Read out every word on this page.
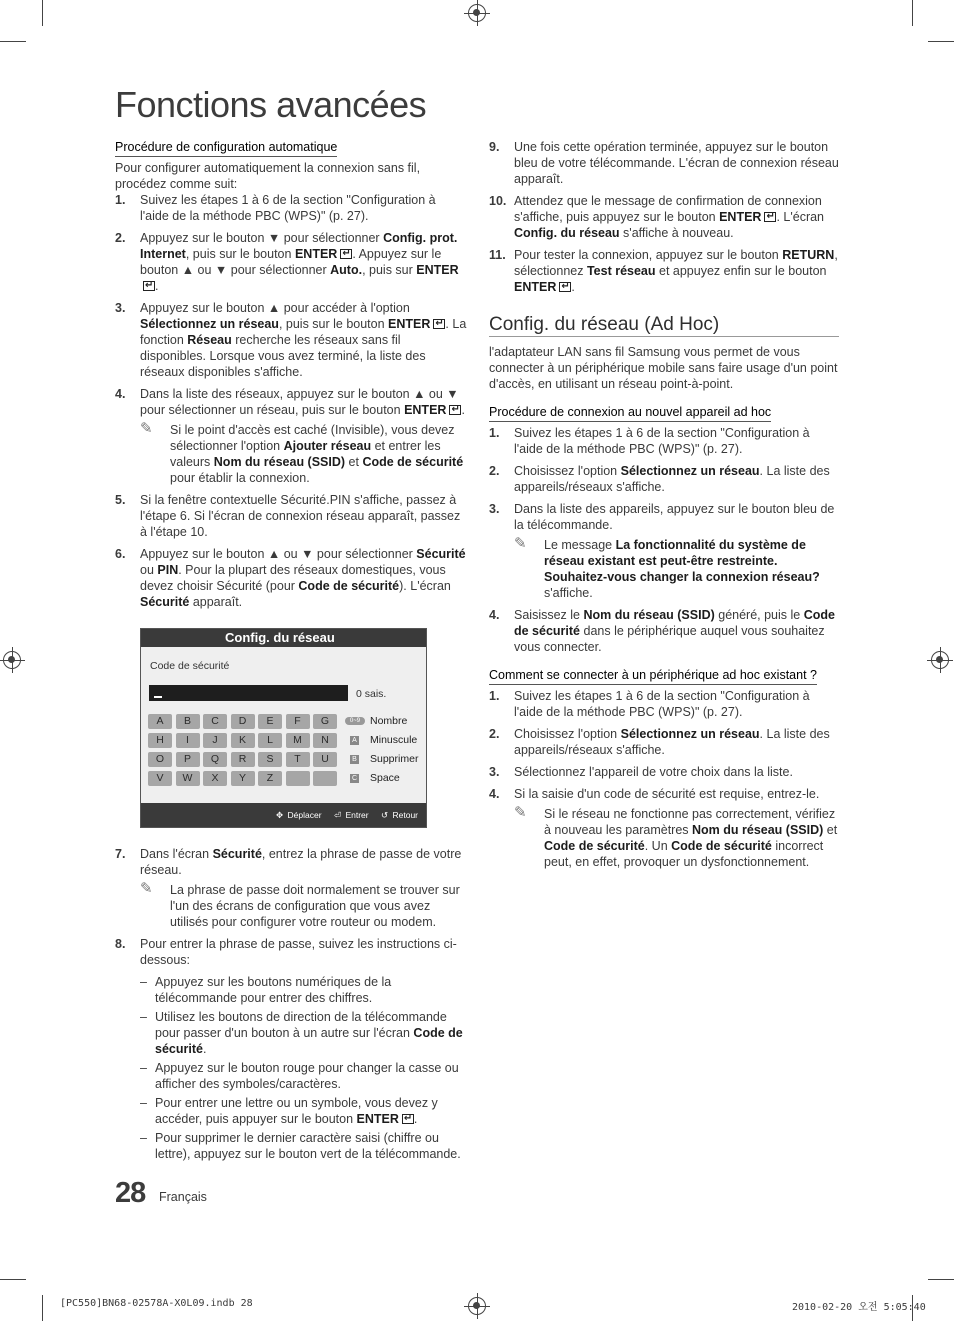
Fonctions avancées
Procédure de configuration automatique

Pour configurer automatiquement la connexion sans fil, procédez comme suit:

1. Suivez les étapes 1 à 6 de la section "Configuration à l'aide de la méthode PBC (WPS)" (p. 27).
2. Appuyez sur le bouton ▼ pour sélectionner Config. prot. Internet, puis sur le bouton ENTER ↵ . Appuyez sur le bouton ▲ ou ▼ pour sélectionner Auto., puis sur ENTER↵.
3. Appuyez sur le bouton ▲ pour accéder à l'option Sélectionnez un réseau, puis sur le bouton ENTER ↵ . La fonction Réseau recherche les réseaux sans fil disponibles. Lorsque vous avez terminé, la liste des réseaux disponibles s'affiche.
4. Dans la liste des réseaux, appuyez sur le bouton ▲ ou ▼ pour sélectionner un réseau, puis sur le bouton ENTER ↵ .
✎ Si le point d'accès est caché (Invisible), vous devez sélectionner l'option Ajouter réseau et entrer les valeurs Nom du réseau (SSID) et Code de sécurité pour établir la connexion.
5. Si la fenêtre contextuelle Sécurité.PIN s'affiche, passez à l'étape 6. Si l'écran de connexion réseau apparaît, passez à l'étape 10.
6. Appuyez sur le bouton ▲ ou ▼ pour sélectionner Sécurité ou PIN. Pour la plupart des réseaux domestiques, vous devez choisir Sécurité (pour Code de sécurité). L'écran Sécurité apparaît.
Config. du réseau
Code de sécurité
0 sais.
A	B	C	D	E	F	G
H	I	J	K	L	M	N
O	P	Q	R	S	T	U
V	W	X	Y	Z
0~9 Nombre
A Minuscule
B Supprimer
C Space
✥ Déplacer ⏎ Entrer ↺ Retour
7. Dans l'écran Sécurité, entrez la phrase de passe de votre réseau.
✎ La phrase de passe doit normalement se trouver sur l'un des écrans de configuration que vous avez utilisés pour configurer votre routeur ou modem.
8. Pour entrer la phrase de passe, suivez les instructions ci-dessous:
– Appuyez sur les boutons numériques de la télécommande pour entrer des chiffres.
– Utilisez les boutons de direction de la télécommande pour passer d'un bouton à un autre sur l'écran Code de sécurité.
– Appuyez sur le bouton rouge pour changer la casse ou afficher des symboles/caractères.
– Pour entrer une lettre ou un symbole, vous devez y accéder, puis appuyer sur le bouton ENTER ↵ .
– Pour supprimer le dernier caractère saisi (chiffre ou lettre), appuyez sur le bouton vert de la télécommande.
9. Une fois cette opération terminée, appuyez sur le bouton bleu de votre télécommande. L'écran de connexion réseau apparaît.
10. Attendez que le message de confirmation de connexion s'affiche, puis appuyez sur le bouton ENTER ↵ . L'écran Config. du réseau s'affiche à nouveau.
11. Pour tester la connexion, appuyez sur le bouton RETURN, sélectionnez Test réseau et appuyez enfin sur le bouton ENTER ↵ .
Config. du réseau (Ad Hoc)

l'adaptateur LAN sans fil Samsung vous permet de vous connecter à un périphérique mobile sans faire usage d'un point d'accès, en utilisant un réseau point-à-point.

Procédure de connexion au nouvel appareil ad hoc
1. Suivez les étapes 1 à 6 de la section "Configuration à l'aide de la méthode PBC (WPS)" (p. 27).
2. Choisissez l'option Sélectionnez un réseau. La liste des appareils/réseaux s'affiche.
3. Dans la liste des appareils, appuyez sur le bouton bleu de la télécommande.
✎ Le message La fonctionnalité du système de réseau existant est peut-être restreinte. Souhaitez-vous changer la connexion réseau? s'affiche.
4. Saisissez le Nom du réseau (SSID) généré, puis le Code de sécurité dans le périphérique auquel vous souhaitez vous connecter.
Comment se connecter à un périphérique ad hoc existant ?
1. Suivez les étapes 1 à 6 de la section "Configuration à l'aide de la méthode PBC (WPS)" (p. 27).
2. Choisissez l'option Sélectionnez un réseau. La liste des appareils/réseaux s'affiche.
3. Sélectionnez l'appareil de votre choix dans la liste.
4. Si la saisie d'un code de sécurité est requise, entrez-le.
✎ Si le réseau ne fonctionne pas correctement, vérifiez à nouveau les paramètres Nom du réseau (SSID) et Code de sécurité. Un Code de sécurité incorrect peut, en effet, provoquer un dysfonctionnement.
28 Français
[PC550]BN68-02578A-X0L09.indb 28	2010-02-20 오전 5:05:40
